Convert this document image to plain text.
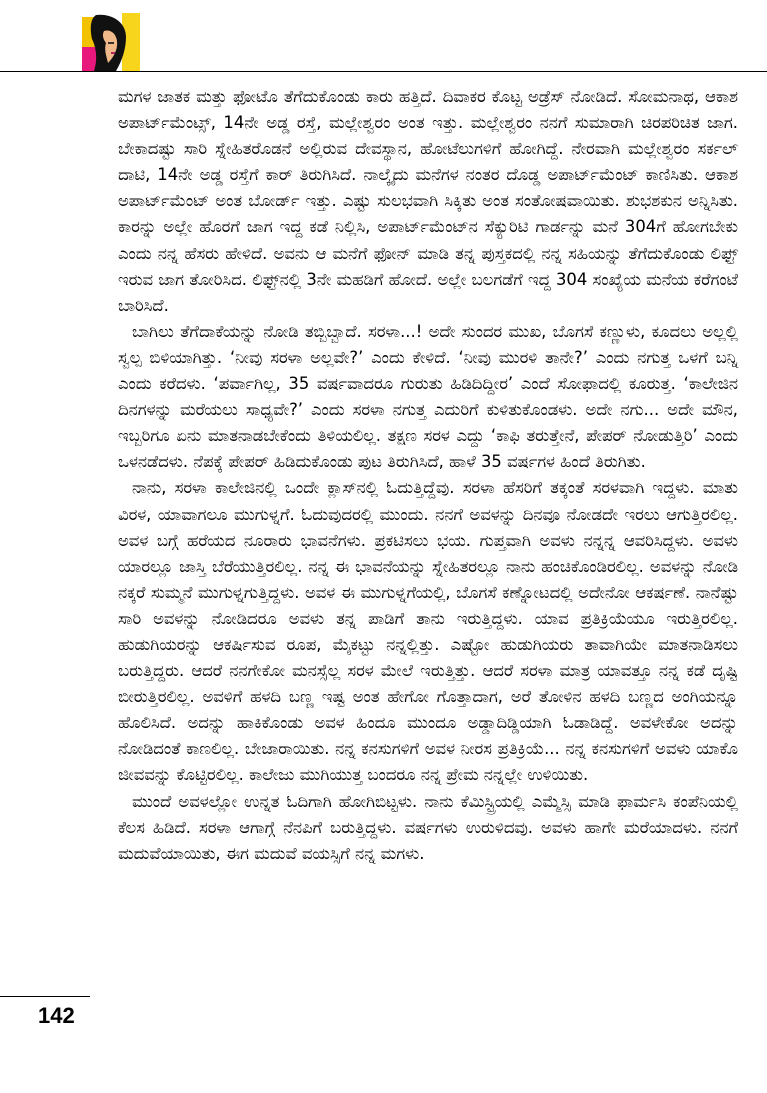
ಮಗಳ ಜಾತಕ ಮತ್ತು ಫೋಟೊ ತೆಗೆದುಕೊಂಡು ಕಾರು ಹತ್ತಿದೆ. ದಿವಾಕರ ಕೊಟ್ಟ ಅಡ್ರೆಸ್ ನೋಡಿದೆ. ಸೋಮನಾಥ, ಆಕಾಶ ಅಪಾರ್ಟ್‌ಮೆಂಟ್ಸ್, 14ನೇ ಅಡ್ಡ ರಸ್ತೆ, ಮಲ್ಲೇಶ್ವರಂ ಅಂತ ಇತ್ತು. ಮಲ್ಲೇಶ್ವರಂ ನನಗೆ ಸುಮಾರಾಗಿ ಚಿರಪರಿಚಿತ ಜಾಗ. ಬೇಕಾದಷ್ಟು ಸಾರಿ ಸ್ನೇಹಿತರೊಡನೆ ಅಲ್ಲಿರುವ ದೇವಸ್ಥಾನ, ಹೋಟೆಲುಗಳಿಗೆ ಹೋಗಿದ್ದೆ. ನೇರವಾಗಿ ಮಲ್ಲೇಶ್ವರಂ ಸರ್ಕಲ್ ದಾಟಿ, 14ನೇ ಅಡ್ಡ ರಸ್ತೆಗೆ ಕಾರ್ ತಿರುಗಿಸಿದೆ. ನಾಲ್ಕೈದು ಮನೆಗಳ ನಂತರ ದೊಡ್ಡ ಅಪಾರ್ಟ್‌ಮೆಂಟ್ ಕಾಣಿಸಿತು. ಆಕಾಶ ಅಪಾರ್ಟ್‌ಮೆಂಟ್ ಅಂತ ಬೋರ್ಡ್ ಇತ್ತು. ಎಷ್ಟು ಸುಲಭವಾಗಿ ಸಿಕ್ಕಿತು ಅಂತ ಸಂತೋಷವಾಯಿತು. ಶುಭಶಕುನ ಅನ್ನಿಸಿತು. ಕಾರನ್ನು ಅಲ್ಲೇ ಹೊರಗೆ ಜಾಗ ಇದ್ದ ಕಡೆ ನಿಲ್ಲಿಸಿ, ಅಪಾರ್ಟ್‌ಮೆಂಟ್‌ನ ಸೆಕ್ಯುರಿಟಿ ಗಾರ್ಡನ್ನು ಮನೆ 304ಗೆ ಹೋಗಬೇಕು ಎಂದು ನನ್ನ ಹೆಸರು ಹೇಳಿದೆ. ಅವನು ಆ ಮನೆಗೆ ಫೋನ್ ಮಾಡಿ ತನ್ನ ಪುಸ್ತಕದಲ್ಲಿ ನನ್ನ ಸಹಿಯನ್ನು ತೆಗೆದುಕೊಂಡು ಲಿಫ್ಟ್ ಇರುವ ಜಾಗ ತೋರಿಸಿದ. ಲಿಫ್ಟ್‌ನಲ್ಲಿ 3ನೇ ಮಹಡಿಗೆ ಹೋದೆ. ಅಲ್ಲೇ ಬಲಗಡೆಗೆ ಇದ್ದ 304 ಸಂಖ್ಯೆಯ ಮನೆಯ ಕರೆಗಂಟೆ ಬಾರಿಸಿದೆ.

ಬಾಗಿಲು ತೆಗೆದಾಕೆಯನ್ನು ನೋಡಿ ತಬ್ಬಿಬ್ಬಾದೆ. ಸರಳಾ...! ಅದೇ ಸುಂದರ ಮುಖ, ಬೊಗಸೆ ಕಣ್ಣುಳು, ಕೂದಲು ಅಲ್ಲಲ್ಲಿ ಸ್ವಲ್ಪ ಬಿಳಿಯಾಗಿತ್ತು. ‘ನೀವು ಸರಳಾ ಅಲ್ಲವೇ?’ ಎಂದು ಕೇಳಿದೆ. ‘ನೀವು ಮುರಳಿ ತಾನೇ?’ ಎಂದು ನಗುತ್ತ ಒಳಗೆ ಬನ್ನಿ ಎಂದು ಕರೆದಳು. ‘ಪರ್ವಾಗಿಲ್ಲ, 35 ವರ್ಷವಾದರೂ ಗುರುತು ಹಿಡಿದಿದ್ದೀರ’ ಎಂದೆ ಸೋಫಾದಲ್ಲಿ ಕೂರುತ್ತ. ‘ಕಾಲೇಜಿನ ದಿನಗಳನ್ನು ಮರೆಯಲು ಸಾಧ್ಯವೇ?’ ಎಂದು ಸರಳಾ ನಗುತ್ತ ಎದುರಿಗೆ ಕುಳಿತುಕೊಂಡಳು. ಅದೇ ನಗು... ಅದೇ ಮೌನ, ಇಬ್ಬರಿಗೂ ಏನು ಮಾತನಾಡಬೇಕೆಂದು ತಿಳಿಯಲಿಲ್ಲ. ತಕ್ಷಣ ಸರಳ ಎದ್ದು ‘ಕಾಫಿ ತರುತ್ತೇನೆ, ಪೇಪರ್ ನೋಡುತ್ತಿರಿ’ ಎಂದು ಒಳನಡೆದಳು. ನೆಪಕ್ಕೆ ಪೇಪರ್ ಹಿಡಿದುಕೊಂಡು ಪುಟ ತಿರುಗಿಸಿದೆ, ಹಾಳೆ 35 ವರ್ಷಗಳ ಹಿಂದೆ ತಿರುಗಿತು.

ನಾನು, ಸರಳಾ ಕಾಲೇಜಿನಲ್ಲಿ ಒಂದೇ ಕ್ಲಾಸ್‌ನಲ್ಲಿ ಓದುತ್ತಿದ್ದೆವು. ಸರಳಾ ಹೆಸರಿಗೆ ತಕ್ಕಂತೆ ಸರಳವಾಗಿ ಇದ್ದಳು. ಮಾತು ವಿರಳ, ಯಾವಾಗಲೂ ಮುಗುಳ್ನಗೆ. ಓದುವುದರಲ್ಲಿ ಮುಂದು. ನನಗೆ ಅವಳನ್ನು ದಿನವೂ ನೋಡದೇ ಇರಲು ಆಗುತ್ತಿರಲಿಲ್ಲ. ಅವಳ ಬಗ್ಗೆ ಹರೆಯದ ನೂರಾರು ಭಾವನೆಗಳು. ಪ್ರಕಟಿಸಲು ಭಯ. ಗುಪ್ತವಾಗಿ ಅವಳು ನನ್ನನ್ನ ಆವರಿಸಿದ್ದಳು. ಅವಳು ಯಾರಲ್ಲೂ ಜಾಸ್ತಿ ಬೆರೆಯುತ್ತಿರಲಿಲ್ಲ. ನನ್ನ ಈ ಭಾವನೆಯನ್ನು ಸ್ನೇಹಿತರಲ್ಲೂ ನಾನು ಹಂಚಿಕೊಂಡಿರಲಿಲ್ಲ. ಅವಳನ್ನು ನೋಡಿ ನಕ್ಕರೆ ಸುಮ್ಮನೆ ಮುಗುಳ್ನಗುತ್ತಿದ್ದಳು. ಅವಳ ಈ ಮುಗುಳ್ನಗೆಯಲ್ಲಿ, ಬೊಗಸೆ ಕಣ್ನೋಟದಲ್ಲಿ ಅದೇನೋ ಆಕರ್ಷಣೆ. ನಾನೆಷ್ಟು ಸಾರಿ ಅವಳನ್ನು ನೋಡಿದರೂ ಅವಳು ತನ್ನ ಪಾಡಿಗೆ ತಾನು ಇರುತ್ತಿದ್ದಳು. ಯಾವ ಪ್ರತಿಕ್ರಿಯೆಯೂ ಇರುತ್ತಿರಲಿಲ್ಲ. ಹುಡುಗಿಯರನ್ನು ಆಕರ್ಷಿಸುವ ರೂಪ, ಮೈಕಟ್ಟು ನನ್ನಲ್ಲಿತ್ತು. ಎಷ್ಟೋ ಹುಡುಗಿಯರು ತಾವಾಗಿಯೇ ಮಾತನಾಡಿಸಲು ಬರುತ್ತಿದ್ದರು. ಆದರೆ ನನಗೇಕೋ ಮನಸ್ಸೆಲ್ಲ ಸರಳ ಮೇಲೆ ಇರುತ್ತಿತ್ತು. ಆದರೆ ಸರಳಾ ಮಾತ್ರ ಯಾವತ್ತೂ ನನ್ನ ಕಡೆ ದೃಷ್ಟಿ ಬೀರುತ್ತಿರಲಿಲ್ಲ. ಅವಳಿಗೆ ಹಳದಿ ಬಣ್ಣ ಇಷ್ಟ ಅಂತ ಹೇಗೋ ಗೊತ್ತಾದಾಗ, ಅರೆ ತೋಳಿನ ಹಳದಿ ಬಣ್ಣದ ಅಂಗಿಯನ್ನೂ ಹೊಲಿಸಿದೆ. ಅದನ್ನು ಹಾಕಿಕೊಂಡು ಅವಳ ಹಿಂದೂ ಮುಂದೂ ಅಡ್ಡಾದಿಡ್ಡಿಯಾಗಿ ಓಡಾಡಿದ್ದೆ. ಅವಳೇಕೋ ಅದನ್ನು ನೋಡಿದಂತೆ ಕಾಣಲಿಲ್ಲ. ಬೇಜಾರಾಯಿತು. ನನ್ನ ಕನಸುಗಳಿಗೆ ಅವಳ ನೀರಸ ಪ್ರತಿಕ್ರಿಯೆ... ನನ್ನ ಕನಸುಗಳಿಗೆ ಅವಳು ಯಾಕೊ ಜೀವವನ್ನು ಕೊಟ್ಟಿರಲಿಲ್ಲ. ಕಾಲೇಜು ಮುಗಿಯುತ್ತ ಬಂದರೂ ನನ್ನ ಪ್ರೇಮ ನನ್ನಲ್ಲೇ ಉಳಿಯಿತು.

ಮುಂದೆ ಅವಳಲ್ಲೋ ಉನ್ನತ ಓದಿಗಾಗಿ ಹೋಗಿಬಿಟ್ಟಳು. ನಾನು ಕೆಮಿಸ್ಟ್ರಿಯಲ್ಲಿ ಎಮ್ಮೆಸ್ಸಿ ಮಾಡಿ ಫಾರ್ಮಸಿ ಕಂಪೆನಿಯಲ್ಲಿ ಕೆಲಸ ಹಿಡಿದೆ. ಸರಳಾ ಆಗಾಗ್ಗೆ ನೆನಪಿಗೆ ಬರುತ್ತಿದ್ದಳು. ವರ್ಷಗಳು ಉರುಳಿದವು. ಅವಳು ಹಾಗೇ ಮರೆಯಾದಳು. ನನಗೆ ಮದುವೆಯಾಯಿತು, ಈಗ ಮದುವೆ ವಯಸ್ಸಿಗೆ ನನ್ನ ಮಗಳು.

142
